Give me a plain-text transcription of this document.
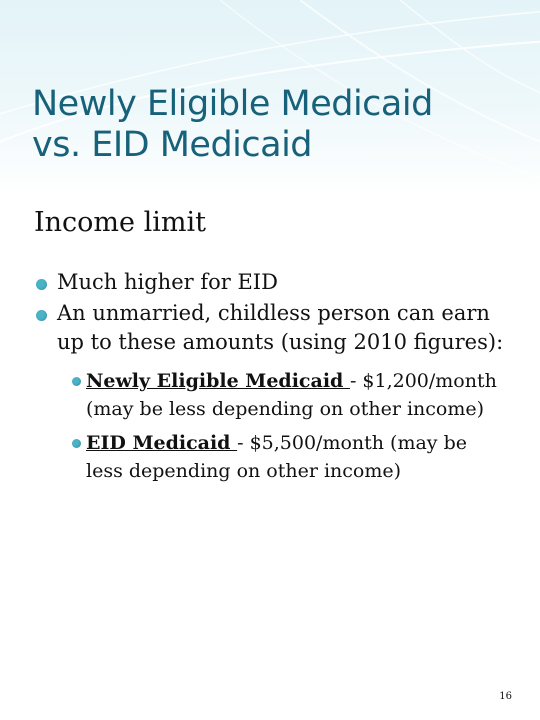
Newly Eligible Medicaid
vs. EID Medicaid
Income limit
Much higher for EID
An unmarried, childless person can earn up to these amounts (using 2010 figures):
Newly Eligible Medicaid - $1,200/month (may be less depending on other income)
EID Medicaid - $5,500/month (may be less depending on other income)
16
